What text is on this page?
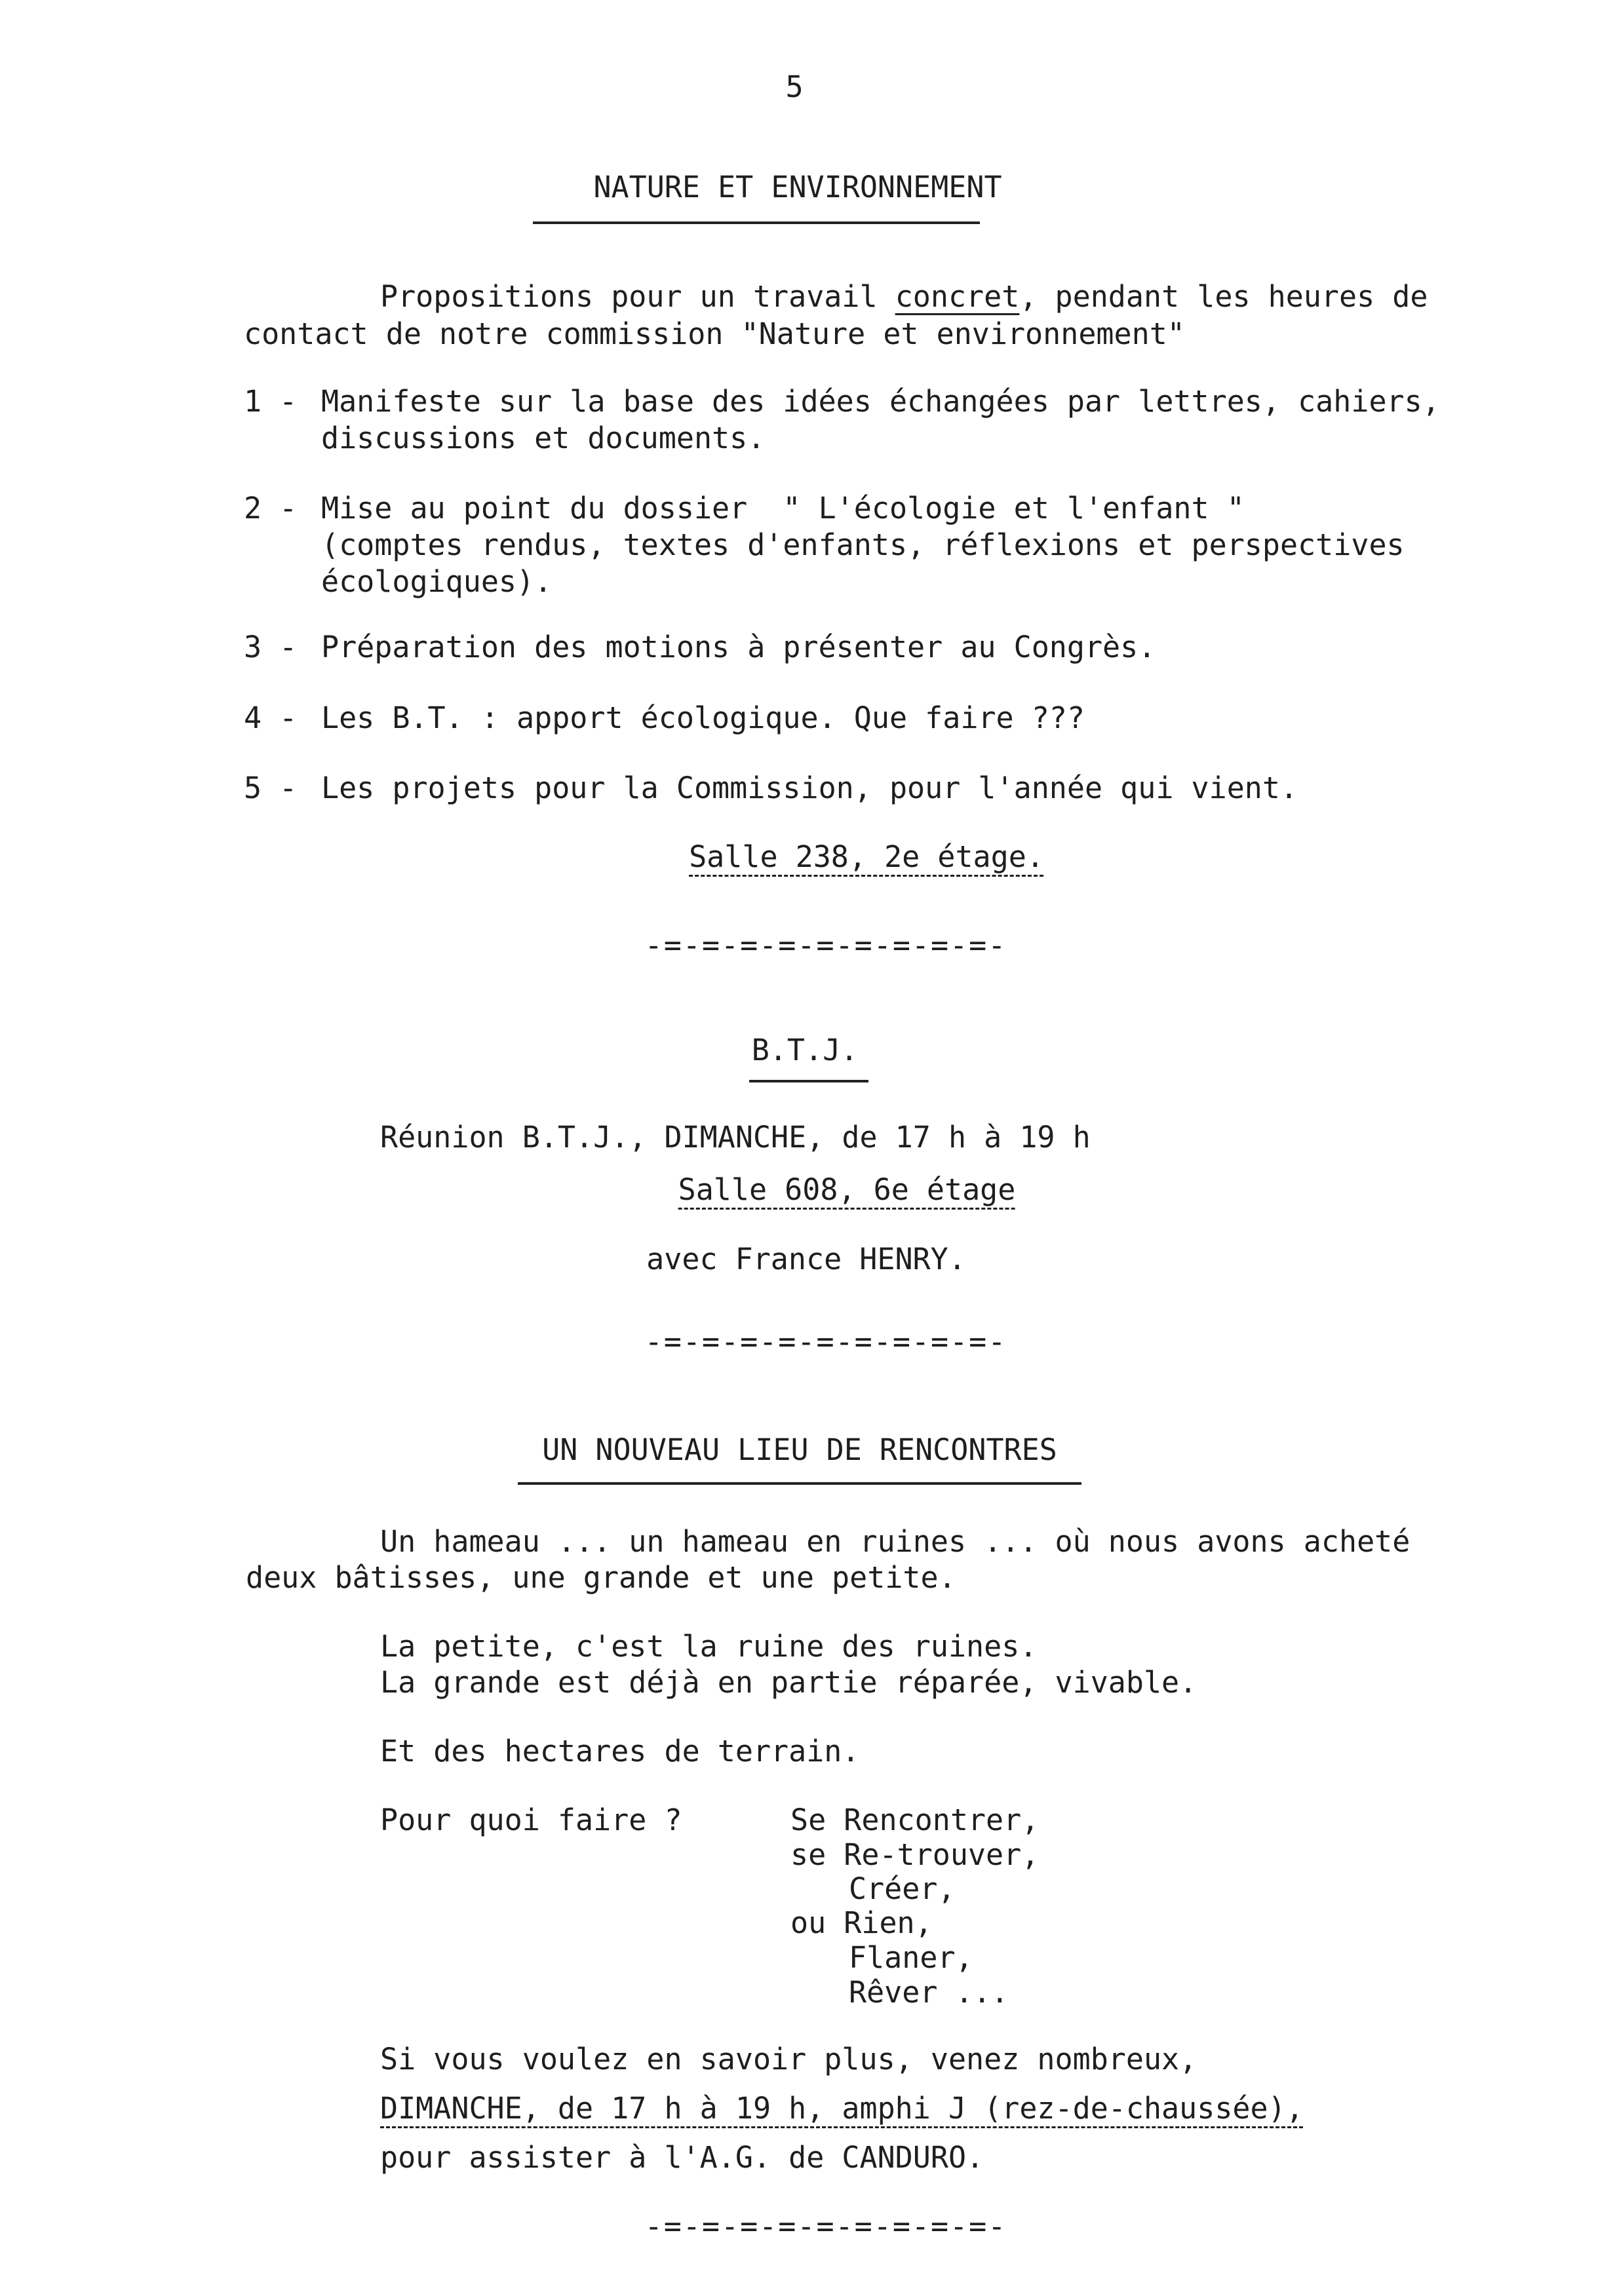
5
NATURE ET ENVIRONNEMENT
Propositions pour un travail concret, pendant les heures de
contact de notre commission "Nature et environnement"
1 - Manifeste sur la base des idées échangées par lettres, cahiers,
discussions et documents.
2 - Mise au point du dossier  " L'écologie et l'enfant "
(comptes rendus, textes d'enfants, réflexions et perspectives
écologiques).
3 - Préparation des motions à présenter au Congrès.
4 - Les B.T. : apport écologique. Que faire ???
5 - Les projets pour la Commission, pour l'année qui vient.
Salle 238, 2e étage.
-=-=-=-=-=-=-=-=-=-
B.T.J.
Réunion B.T.J., DIMANCHE, de 17 h à 19 h
Salle 608, 6e étage
avec France HENRY.
-=-=-=-=-=-=-=-=-=-
UN NOUVEAU LIEU DE RENCONTRES
Un hameau ... un hameau en ruines ... où nous avons acheté
deux bâtisses, une grande et une petite.
La petite, c'est la ruine des ruines.
La grande est déjà en partie réparée, vivable.
Et des hectares de terrain.
Pour quoi faire ?	Se Rencontrer,
se Re-trouver,
Créer,
ou Rien,
Flaner,
Rêver ...
Si vous voulez en savoir plus, venez nombreux,
DIMANCHE, de 17 h à 19 h, amphi J (rez-de-chaussée),
pour assister à l'A.G. de CANDURO.
-=-=-=-=-=-=-=-=-=-
